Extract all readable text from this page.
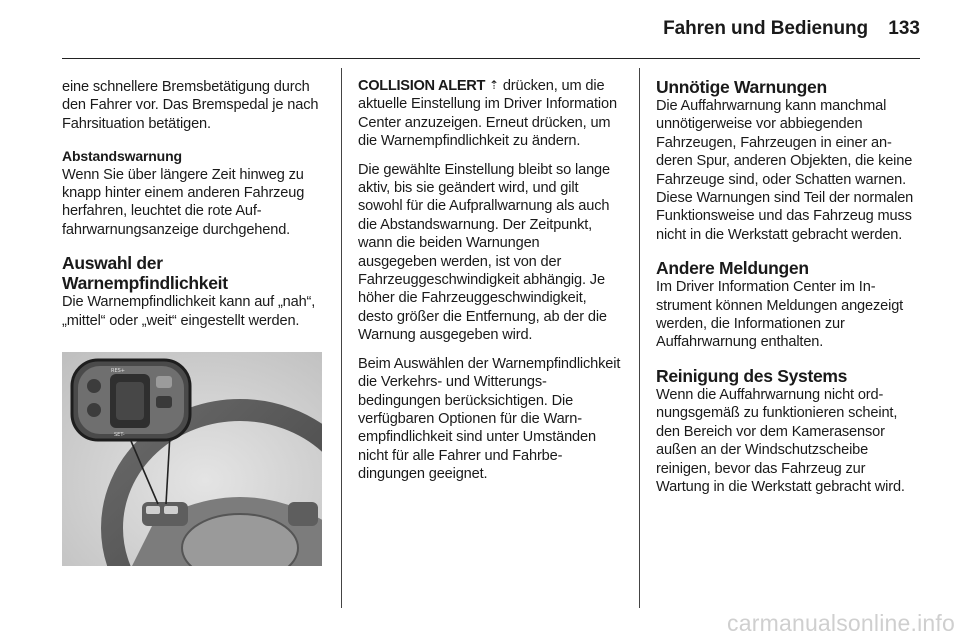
Fahren und Bedienung 133

eine schnellere Bremsbetätigung durch den Fahrer vor. Das Bremspedal je nach Fahrsituation betätigen.

Abstandswarnung

Wenn Sie über längere Zeit hinweg zu knapp hinter einem anderen Fahrzeug herfahren, leuchtet die rote Auffahrwarnungsanzeige durchgehend.

Auswahl der Warnempfindlichkeit

Die Warnempfindlichkeit kann auf „nah“, „mittel“ oder „weit“ eingestellt werden.

RES+
SET-

COLLISION ALERT ⇡ drücken, um die aktuelle Einstellung im Driver Information Center anzuzeigen. Erneut drücken, um die Warnempfindlichkeit zu ändern.

Die gewählte Einstellung bleibt so lange aktiv, bis sie geändert wird, und gilt sowohl für die Aufprallwarnung als auch die Abstandswarnung. Der Zeitpunkt, wann die beiden Warnungen ausgegeben werden, ist von der Fahrzeuggeschwindigkeit abhängig. Je höher die Fahrzeuggeschwindigkeit, desto größer die Entfernung, ab der die Warnung ausgegeben wird.

Beim Auswählen der Warnempfindlichkeit die Verkehrs- und Witterungsbedingungen berücksichtigen. Die verfügbaren Optionen für die Warnempfindlichkeit sind unter Umständen nicht für alle Fahrer und Fahrbedingungen geeignet.

Unnötige Warnungen

Die Auffahrwarnung kann manchmal unnötigerweise vor abbiegenden Fahrzeugen, Fahrzeugen in einer anderen Spur, anderen Objekten, die keine Fahrzeuge sind, oder Schatten warnen. Diese Warnungen sind Teil der normalen Funktionsweise und das Fahrzeug muss nicht in die Werkstatt gebracht werden.

Andere Meldungen

Im Driver Information Center im Instrument können Meldungen angezeigt werden, die Informationen zur Auffahrwarnung enthalten.

Reinigung des Systems

Wenn die Auffahrwarnung nicht ordnungsgemäß zu funktionieren scheint, den Bereich vor dem Kamerasensor außen an der Windschutzscheibe reinigen, bevor das Fahrzeug zur Wartung in die Werkstatt gebracht wird.

carmanualsonline.info
